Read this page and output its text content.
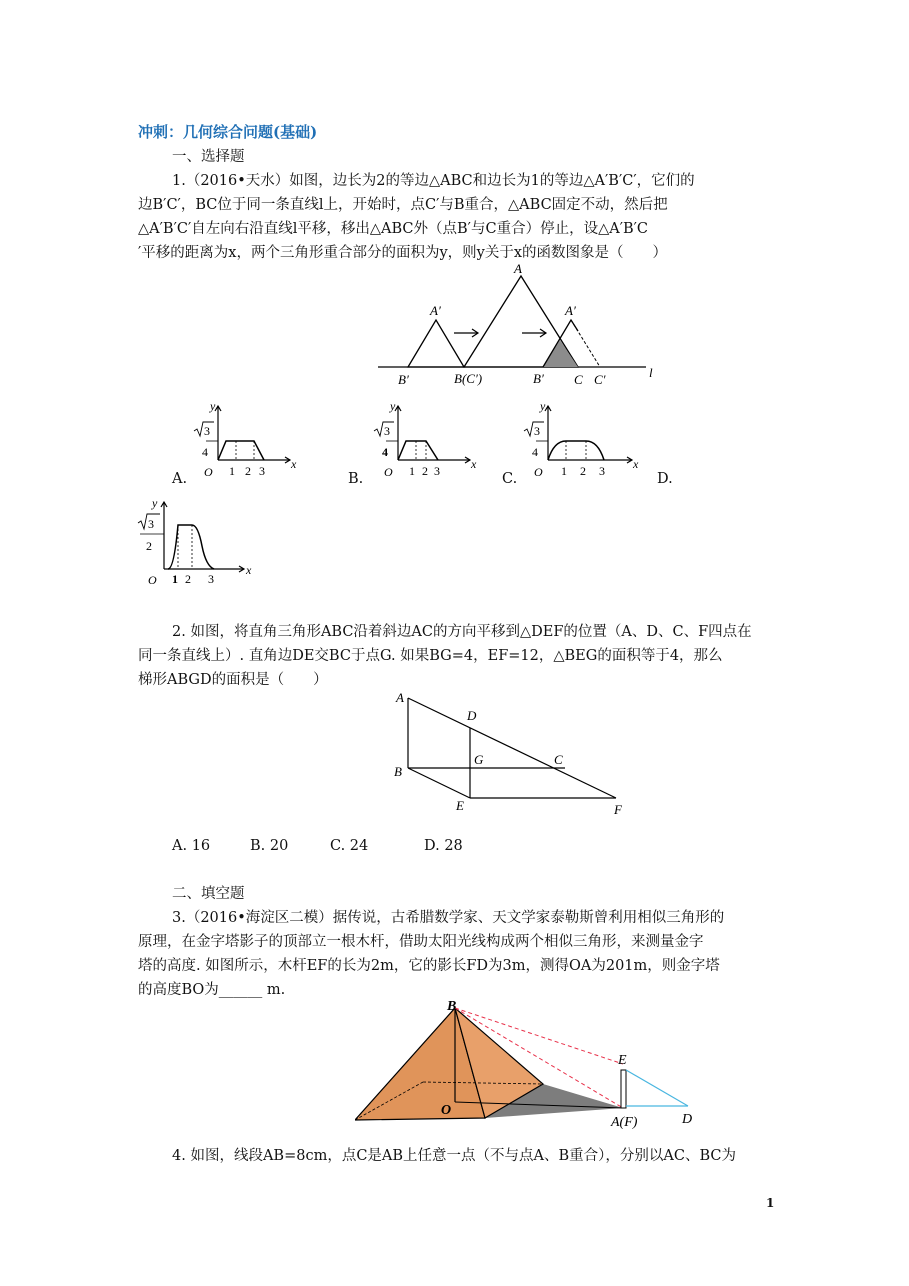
冲刺：几何综合问题(基础)
一、选择题
1.（2016•天水）如图，边长为2的等边△ABC和边长为1的等边△A′B′C′，它们的
边B′C′，BC位于同一条直线l上，开始时，点C′与B重合，△ABC固定不动，然后把
△A′B′C′自左向右沿直线l平移，移出△ABC外（点B′与C重合）停止，设△A′B′C
′平移的距离为x，两个三角形重合部分的面积为y，则y关于x的函数图象是（　　）
A
A′	A′
B′	B(C′)	B′ C C′	l
y
x
O
3
4
1 2 3
A.
y
x
O
3
4
1 2 3
B.
y
x
O
3
4
1 2 3
C.	D.
y
x
O
3
2
1 2 3
2. 如图，将直角三角形ABC沿着斜边AC的方向平移到△DEF的位置（A、D、C、F四点在
同一条直线上）. 直角边DE交BC于点G. 如果BG=4，EF=12，△BEG的面积等于4，那么
梯形ABGD的面积是（　　）
A
D
G	C
B
E	F
A. 16	B. 20	C. 24	D. 28
二、填空题
3.（2016•海淀区二模）据传说，古希腊数学家、天文学家泰勒斯曾利用相似三角形的
原理，在金字塔影子的顶部立一根木杆，借助太阳光线构成两个相似三角形，来测量金字
塔的高度. 如图所示，木杆EF的长为2m，它的影长FD为3m，测得OA为201m，则金字塔
的高度BO为______ m.
B
E
O
A(F)	D
4. 如图，线段AB=8cm，点C是AB上任意一点（不与点A、B重合），分别以AC、BC为
1
